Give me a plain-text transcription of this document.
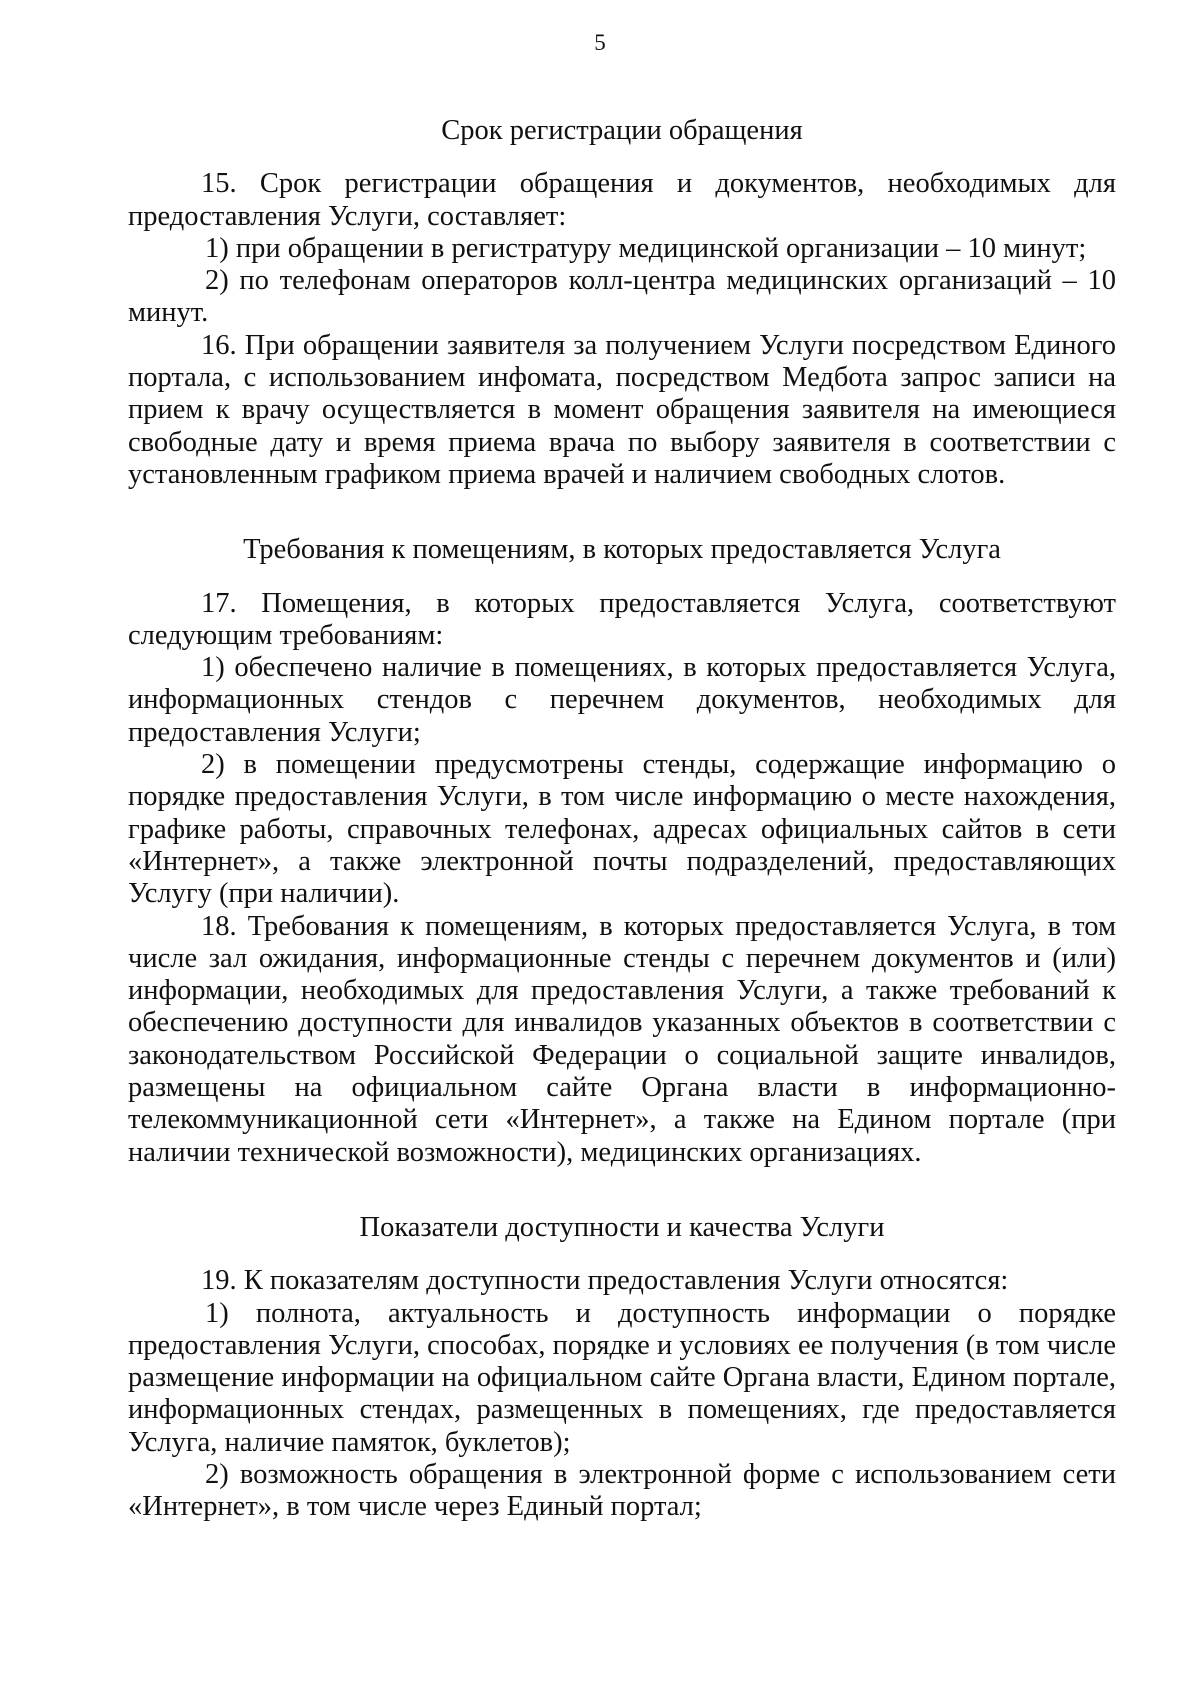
5
Срок регистрации обращения

15. Срок регистрации обращения и документов, необходимых для предоставления Услуги, составляет:

1) при обращении в регистратуру медицинской организации – 10 минут;

2) по телефонам операторов колл-центра медицинских организаций – 10 минут.

16. При обращении заявителя за получением Услуги посредством Единого портала, с использованием инфомата, посредством Медбота запрос записи на прием к врачу осуществляется в момент обращения заявителя на имеющиеся свободные дату и время приема врача по выбору заявителя в соответствии с установленным графиком приема врачей и наличием свободных слотов.

Требования к помещениям, в которых предоставляется Услуга

17. Помещения, в которых предоставляется Услуга, соответствуют следующим требованиям:

1) обеспечено наличие в помещениях, в которых предоставляется Услуга, информационных стендов с перечнем документов, необходимых для предоставления Услуги;

2) в помещении предусмотрены стенды, содержащие информацию о порядке предоставления Услуги, в том числе информацию о месте нахождения, графике работы, справочных телефонах, адресах официальных сайтов в сети «Интернет», а также электронной почты подразделений, предоставляющих Услугу (при наличии).

18. Требования к помещениям, в которых предоставляется Услуга, в том числе зал ожидания, информационные стенды с перечнем документов и (или) информации, необходимых для предоставления Услуги, а также требований к обеспечению доступности для инвалидов указанных объектов в соответствии с законодательством Российской Федерации о социальной защите инвалидов, размещены на официальном сайте Органа власти в информационно-телекоммуникационной сети «Интернет», а также на Едином портале (при наличии технической возможности), медицинских организациях.

Показатели доступности и качества Услуги

19. К показателям доступности предоставления Услуги относятся:

1) полнота, актуальность и доступность информации о порядке предоставления Услуги, способах, порядке и условиях ее получения (в том числе размещение информации на официальном сайте Органа власти, Едином портале, информационных стендах, размещенных в помещениях, где предоставляется Услуга, наличие памяток, буклетов);

2) возможность обращения в электронной форме с использованием сети «Интернет», в том числе через Единый портал;
